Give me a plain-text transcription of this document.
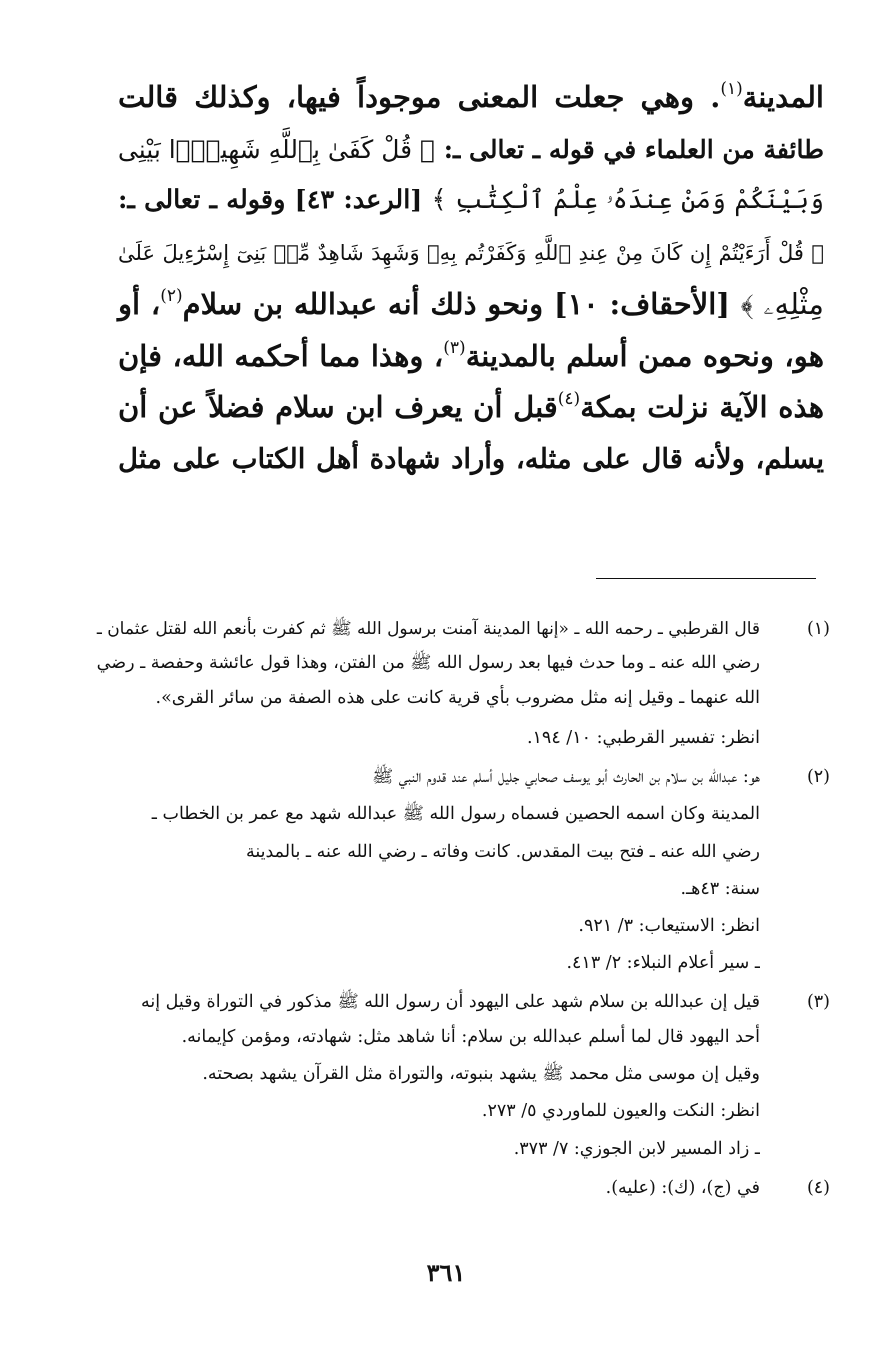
المدينة$^{(١)}$. وهي جعلت المعنى موجوداً فيها، وكذلك قالت
طائفة من العلماء في قوله ـ تعالى ـ: ﴿ قُلْ كَفَىٰ بِٱللَّهِ شَهِيدًۢا بَيْنِى
وَبَيْنَكُمْ وَمَنْ عِندَهُۥ عِلْمُ ٱلْكِتَٰبِ ﴾ [الرعد: ٤٣] وقوله ـ تعالى ـ:
﴿ قُلْ أَرَءَيْتُمْ إِن كَانَ مِنْ عِندِ ٱللَّهِ وَكَفَرْتُم بِهِۦ وَشَهِدَ شَاهِدٌ مِّنۢ بَنِىٓ إِسْرَٰٓءِيلَ عَلَىٰ
مِثْلِهِۦ ﴾ [الأحقاف: ١٠] ونحو ذلك أنه عبدالله بن سلام$^{(٢)}$، أو
هو، ونحوه ممن أسلم بالمدينة$^{(٣)}$، وهذا مما أحكمه الله، فإن
هذه الآية نزلت بمكة$^{(٤)}$قبل أن يعرف ابن سلام فضلاً عن أن
يسلم، ولأنه قال على مثله، وأراد شهادة أهل الكتاب على مثل
(١)
قال القرطبي ـ رحمه الله ـ «إنها المدينة آمنت برسول الله ﷺ ثم كفرت بأنعم الله لقتل عثمان ـ
رضي الله عنه ـ وما حدث فيها بعد رسول الله ﷺ من الفتن، وهذا قول عائشة وحفصة ـ رضي
الله عنهما ـ وقيل إنه مثل مضروب بأي قرية كانت على هذه الصفة من سائر القرى».
انظر: تفسير القرطبي: ١٠/ ١٩٤.
(٢)
هو: عبدالله بن سلام بن الحارث أبو يوسف صحابي جليل أسلم عند قدوم النبي ﷺ
المدينة وكان اسمه الحصين فسماه رسول الله ﷺ عبدالله شهد مع عمر بن الخطاب ـ
رضي الله عنه ـ فتح بيت المقدس. كانت وفاته ـ رضي الله عنه ـ بالمدينة
سنة: ٤٣هـ.
انظر: الاستيعاب: ٣/ ٩٢١.
ـ سير أعلام النبلاء: ٢/ ٤١٣.
(٣)
قيل إن عبدالله بن سلام شهد على اليهود أن رسول الله ﷺ مذكور في التوراة وقيل إنه
أحد اليهود قال لما أسلم عبدالله بن سلام: أنا شاهد مثل: شهادته، ومؤمن كإيمانه.
وقيل إن موسى مثل محمد ﷺ يشهد بنبوته، والتوراة مثل القرآن يشهد بصحته.
انظر: النكت والعيون للماوردي ٥/ ٢٧٣.
ـ زاد المسير لابن الجوزي: ٧/ ٣٧٣.
(٤)
في (ج)، (ك): (عليه).
٣٦١
